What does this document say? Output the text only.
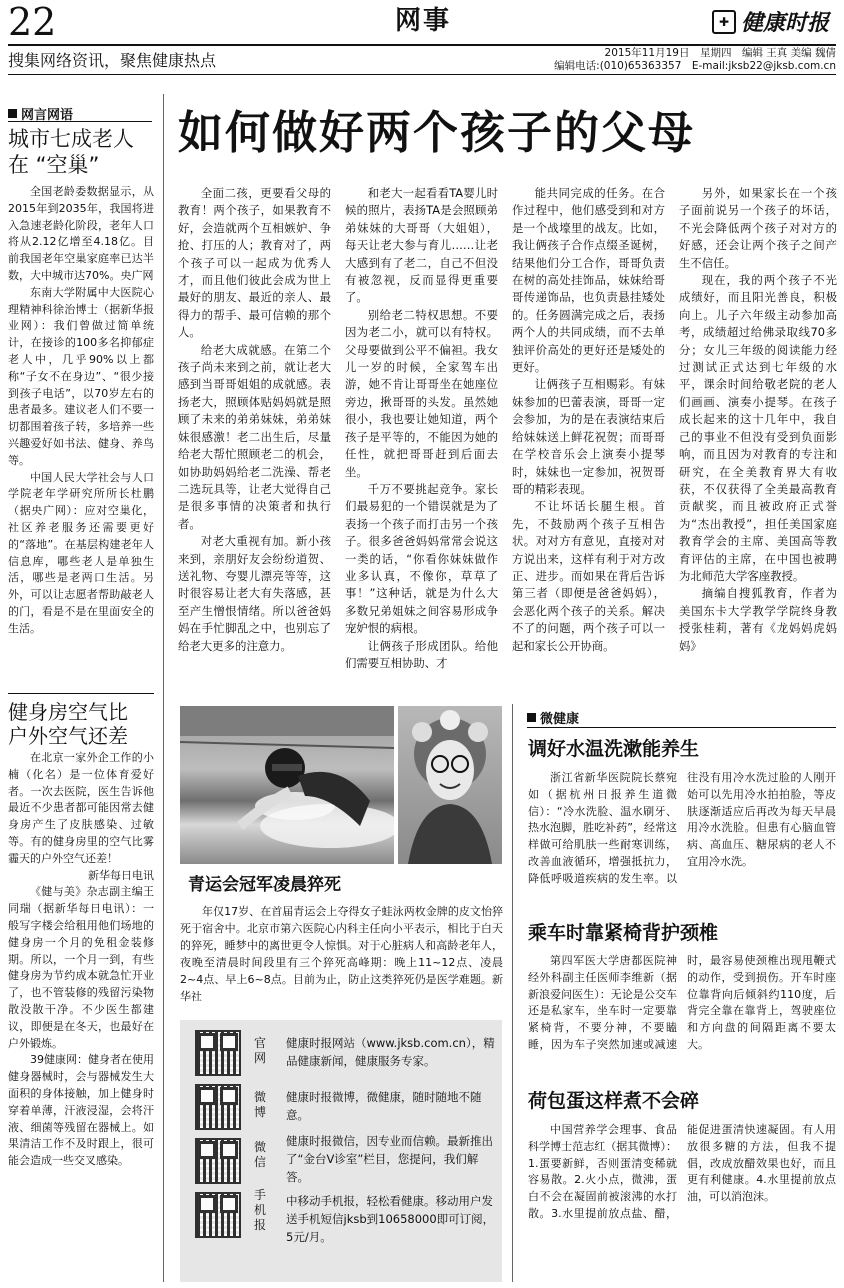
22	网事	✚ 健康时报
搜集网络资讯，聚焦健康热点	2015年11月19日　星期四　编辑 王真 美编 魏倩
编辑电话:(010)65363357　E-mail:jksb22@jksb.com.cn
网言网语
城市七成老人
在 “空巢”

全国老龄委数据显示，从2015年到2035年，我国将进入急速老龄化阶段，老年人口将从2.12亿增至4.18亿。目前我国老年空巢家庭率已达半数，大中城市达70%。央广网

东南大学附属中大医院心理精神科徐治博士（据新华报业网）：我们曾做过简单统计，在接诊的100多名抑郁症老人中，几乎90%以上都称“子女不在身边”、“很少接到孩子电话”，以70岁左右的患者最多。建议老人们不要一切都围着孩子转，多培养一些兴趣爱好如书法、健身、养鸟等。

中国人民大学社会与人口学院老年学研究所所长杜鹏（据央广网）：应对空巢化，社区养老服务还需要更好的“落地”。在基层构建老年人信息库，哪些老人是单独生活，哪些是老两口生活。另外，可以让志愿者帮助敲老人的门，看是不是在里面安全的生活。

健身房空气比
户外空气还差

在北京一家外企工作的小楠（化名）是一位体育爱好者。一次去医院，医生告诉他最近不少患者都可能因常去健身房产生了皮肤感染、过敏等。有的健身房里的空气比雾霾天的户外空气还差！

新华每日电讯

《健与美》杂志副主编王同瑞（据新华每日电讯）：一般写字楼会给租用他们场地的健身房一个月的免租金装修期。所以，一个月一到，有些健身房为节约成本就急忙开业了，也不管装修的残留污染物散没散干净。不少医生都建议，即便是在冬天，也最好在户外锻炼。

39健康网：健身者在使用健身器械时，会与器械发生大面积的身体接触，加上健身时穿着单薄，汗液浸湿，会将汗液、细菌等残留在器械上。如果清洁工作不及时跟上，很可能会造成一些交叉感染。

如何做好两个孩子的父母

全面二孩，更要看父母的教育！两个孩子，如果教育不好，会造就两个互相嫉妒、争抢、打压的人；教育对了，两个孩子可以一起成为优秀人才，而且他们彼此会成为世上最好的朋友、最近的亲人、最得力的帮手、最可信赖的那个人。

给老大成就感。在第二个孩子尚未来到之前，就让老大感到当哥哥姐姐的成就感。表扬老大，照顾体贴妈妈就是照顾了未来的弟弟妹妹，弟弟妹妹很感激！老二出生后，尽量给老大帮忙照顾老二的机会，如协助妈妈给老二洗澡、帮老二选玩具等，让老大觉得自己是很多事情的决策者和执行者。

对老大重视有加。新小孩来到，亲朋好友会纷纷道贺、送礼物、夸婴儿漂亮等等，这时很容易让老大有失落感，甚至产生憎恨情绪。所以爸爸妈妈在手忙脚乱之中，也别忘了给老大更多的注意力。

和老大一起看看TA婴儿时候的照片，表扬TA是会照顾弟弟妹妹的大哥哥（大姐姐），每天让老大参与育儿……让老大感到有了老二，自己不但没有被忽视，反而显得更重要了。

别给老二特权思想。不要因为老二小，就可以有特权。父母要做到公平不偏袒。我女儿一岁的时候，全家驾车出游，她不肯让哥哥坐在她座位旁边，揪哥哥的头发。虽然她很小，我也要让她知道，两个孩子是平等的，不能因为她的任性，就把哥哥赶到后面去坐。

千万不要挑起竞争。家长们最易犯的一个错误就是为了表扬一个孩子而打击另一个孩子。很多爸爸妈妈常常会说这一类的话，“你看你妹妹做作业多认真，不像你，草草了事！”这种话，就是为什么大多数兄弟姐妹之间容易形成争宠妒恨的病根。

让俩孩子形成团队。给他们需要互相协助、才

能共同完成的任务。在合作过程中，他们感受到和对方是一个战壕里的战友。比如，我让俩孩子合作点缀圣诞树，结果他们分工合作，哥哥负责在树的高处挂饰品，妹妹给哥哥传递饰品，也负责悬挂矮处的。任务圆满完成之后，表扬两个人的共同成绩，而不去单独评价高处的更好还是矮处的更好。

让俩孩子互相赐彩。有妹妹参加的巴蕾表演，哥哥一定会参加，为的是在表演结束后给妹妹送上鲜花祝贺；而哥哥在学校音乐会上演奏小提琴时，妹妹也一定参加，祝贺哥哥的精彩表现。

不让坏话长腿生根。首先，不鼓励两个孩子互相告状。对对方有意见，直接对对方说出来，这样有利于对方改正、进步。而如果在背后告诉第三者（即便是爸爸妈妈），会恶化两个孩子的关系。解决不了的问题，两个孩子可以一起和家长公开协商。

另外，如果家长在一个孩子面前说另一个孩子的坏话，不光会降低两个孩子对对方的好感，还会让两个孩子之间产生不信任。

现在，我的两个孩子不光成绩好，而且阳光善良，积极向上。儿子六年级主动参加高考，成绩超过给佛录取线70多分；女儿三年级的阅读能力经过测试正式达到七年级的水平，课余时间给敬老院的老人们画画、演奏小提琴。在孩子成长起来的这十几年中，我自己的事业不但没有受到负面影响，而且因为对教育的专注和研究，在全美教育界大有收获，不仅获得了全美最高教育贡献奖，而且被政府正式誉为“杰出教授”，担任美国家庭教育学会的主席、美国高等教育评估的主席，在中国也被聘为北师范大学客座教授。

摘编自搜狐教育，作者为美国东卡大学教学学院终身教授张桂莉，著有《龙妈妈虎妈妈》

青运会冠军凌晨猝死

年仅17岁、在首届青运会上夺得女子蛙泳两枚金牌的皮文怡猝死于宿舍中。北京市第六医院心内科主任向小平表示，相比于白天的猝死，睡梦中的离世更令人惊惧。对于心脏病人和高龄老年人，夜晚至清晨时间段里有三个猝死高峰期：晚上11~12点、凌晨2~4点、早上6~8点。目前为止，防止这类猝死仍是医学难题。新华社

官网
健康时报网站（www.jksb.com.cn），精品健康新闻，健康服务专家。
微博
健康时报微博，微健康，随时随地不随意。
微信
健康时报微信，因专业而信赖。最新推出了“金台V诊室”栏目，您提问，我们解答。
手机报
中移动手机报，轻松看健康。移动用户发送手机短信jksb到10658000即可订阅，5元/月。
微健康
调好水温洗漱能养生

浙江省新华医院院长蔡宛如（据杭州日报养生道微信）：“冷水洗脸、温水刷牙、热水泡脚，胜吃补药”，经常这样做可给肌肤一些耐寒训练，改善血液循环，增强抵抗力，降低呼吸道疾病的发生率。以往没有用冷水洗过脸的人刚开始可以先用冷水拍拍脸，等皮肤逐渐适应后再改为每天早晨用冷水洗脸。但患有心脑血管病、高血压、糖尿病的老人不宜用冷水洗。

乘车时靠紧椅背护颈椎

第四军医大学唐都医院神经外科副主任医师李维新（据新浪爱问医生）：无论是公交车还是私家车，坐车时一定要靠紧椅背，不要分神，不要瞌睡，因为车子突然加速或减速时，最容易使颈椎出现甩鞭式的动作，受到损伤。开车时座位靠背向后倾斜约110度，后背完全靠在靠背上，驾驶座位和方向盘的间隔距离不要太大。

荷包蛋这样煮不会碎

中国营养学会理事、食品科学博士范志红（据其微博）：1.蛋要新鲜，否则蛋清变稀就容易散。2.火小点，微沸，蛋白不会在凝固前被滚沸的水打散。3.水里提前放点盐、醋，能促进蛋清快速凝固。有人用放很多糖的方法，但我不提倡，改成放醋效果也好，而且更有利健康。4.水里提前放点油，可以消泡沫。
